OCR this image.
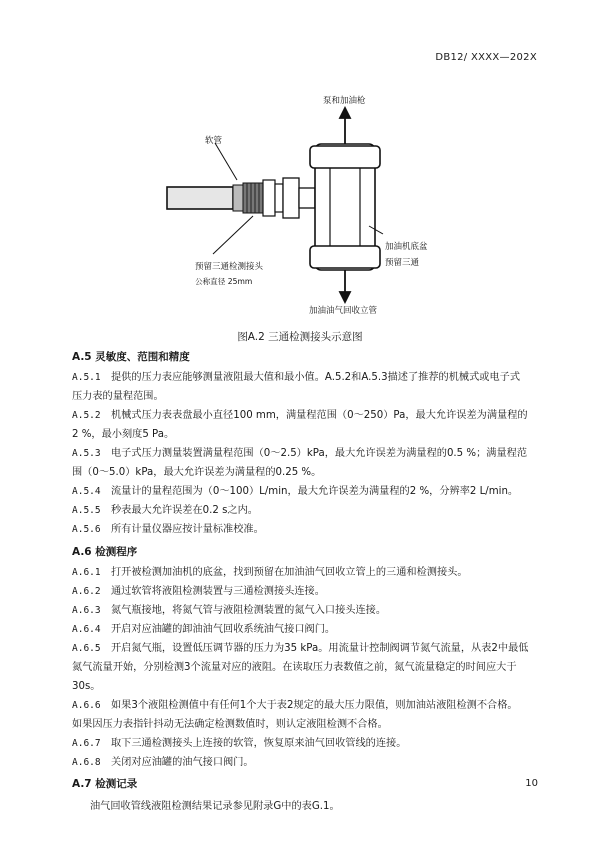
DB12/ XXXX—202X
软管
泵和加油枪
预留三通检测接头
公称直径 25mm
加油机底盆
预留三通
加油油气回收立管
图A.2 三通检测接头示意图
A.5 灵敏度、范围和精度
A.5.1 提供的压力表应能够测量液阻最大值和最小值。A.5.2和A.5.3描述了推荐的机械式或电子式
压力表的量程范围。
A.5.2 机械式压力表表盘最小直径100 mm，满量程范围（0～250）Pa，最大允许误差为满量程的
2 %，最小刻度5 Pa。
A.5.3 电子式压力测量装置满量程范围（0～2.5）kPa，最大允许误差为满量程的0.5 %；满量程范
围（0～5.0）kPa，最大允许误差为满量程的0.25 %。
A.5.4 流量计的量程范围为（0～100）L/min，最大允许误差为满量程的2 %，分辨率2 L/min。
A.5.5 秒表最大允许误差在0.2 s之内。
A.5.6 所有计量仪器应按计量标准校准。
A.6 检测程序
A.6.1 打开被检测加油机的底盆，找到预留在加油油气回收立管上的三通和检测接头。
A.6.2 通过软管将液阻检测装置与三通检测接头连接。
A.6.3 氮气瓶接地，将氮气管与液阻检测装置的氮气入口接头连接。
A.6.4 开启对应油罐的卸油油气回收系统油气接口阀门。
A.6.5 开启氮气瓶，设置低压调节器的压力为35 kPa。用流量计控制阀调节氮气流量，从表2中最低
氮气流量开始，分别检测3个流量对应的液阻。在读取压力表数值之前，氮气流量稳定的时间应大于
30s。
A.6.6 如果3个液阻检测值中有任何1个大于表2规定的最大压力限值，则加油站液阻检测不合格。
如果因压力表指针抖动无法确定检测数值时，则认定液阻检测不合格。
A.6.7 取下三通检测接头上连接的软管，恢复原来油气回收管线的连接。
A.6.8 关闭对应油罐的油气接口阀门。
A.7 检测记录
油气回收管线液阻检测结果记录参见附录G中的表G.1。
10
